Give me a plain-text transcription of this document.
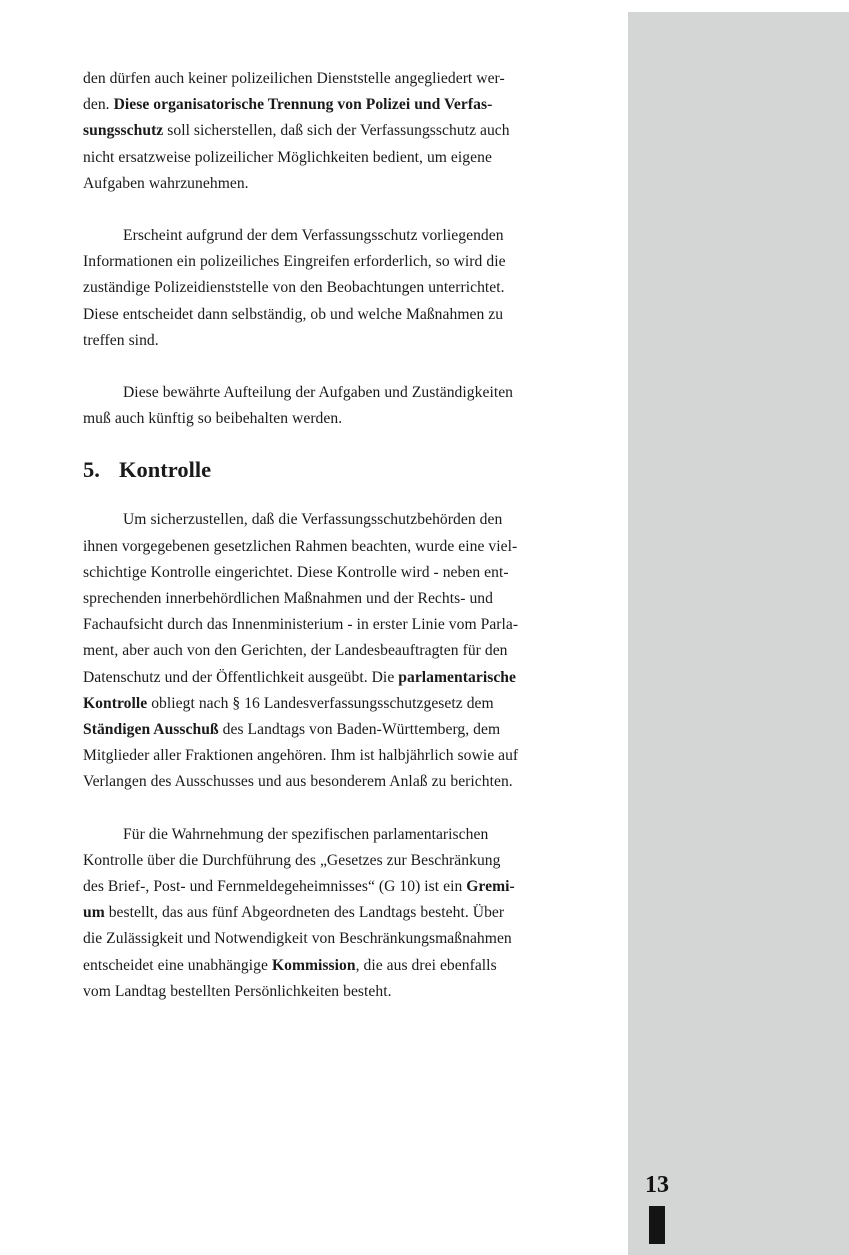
13

den dürfen auch keiner polizeilichen Dienststelle angegliedert wer-
den. Diese organisatorische Trennung von Polizei und Verfas-
sungsschutz soll sicherstellen, daß sich der Verfassungsschutz auch
nicht ersatzweise polizeilicher Möglichkeiten bedient, um eigene
Aufgaben wahrzunehmen.

Erscheint aufgrund der dem Verfassungsschutz vorliegenden
Informationen ein polizeiliches Eingreifen erforderlich, so wird die
zuständige Polizeidienststelle von den Beobachtungen unterrichtet.
Diese entscheidet dann selbständig, ob und welche Maßnahmen zu
treffen sind.

Diese bewährte Aufteilung der Aufgaben und Zuständigkeiten
muß auch künftig so beibehalten werden.

5. Kontrolle

Um sicherzustellen, daß die Verfassungsschutzbehörden den
ihnen vorgegebenen gesetzlichen Rahmen beachten, wurde eine viel-
schichtige Kontrolle eingerichtet. Diese Kontrolle wird - neben ent-
sprechenden innerbehördlichen Maßnahmen und der Rechts- und
Fachaufsicht durch das Innenministerium - in erster Linie vom Parla-
ment, aber auch von den Gerichten, der Landesbeauftragten für den
Datenschutz und der Öffentlichkeit ausgeübt. Die parlamentarische
Kontrolle obliegt nach § 16 Landesverfassungsschutzgesetz dem
Ständigen Ausschuß des Landtags von Baden-Württemberg, dem
Mitglieder aller Fraktionen angehören. Ihm ist halbjährlich sowie auf
Verlangen des Ausschusses und aus besonderem Anlaß zu berichten.

Für die Wahrnehmung der spezifischen parlamentarischen
Kontrolle über die Durchführung des „Gesetzes zur Beschränkung
des Brief-, Post- und Fernmeldegeheimnisses“ (G 10) ist ein Gremi-
um bestellt, das aus fünf Abgeordneten des Landtags besteht. Über
die Zulässigkeit und Notwendigkeit von Beschränkungsmaßnahmen
entscheidet eine unabhängige Kommission, die aus drei ebenfalls
vom Landtag bestellten Persönlichkeiten besteht.
